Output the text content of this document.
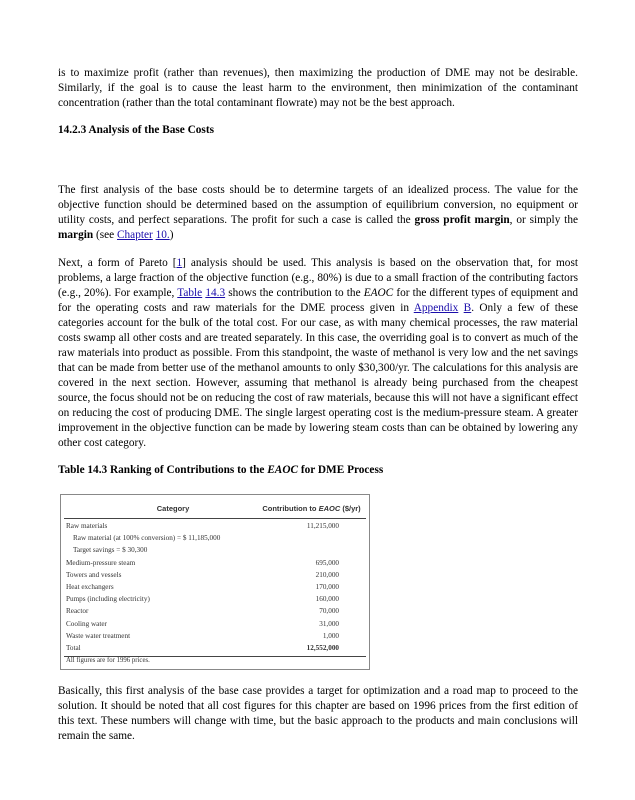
is to maximize profit (rather than revenues), then maximizing the production of DME may not be desirable. Similarly, if the goal is to cause the least harm to the environment, then minimization of the contaminant concentration (rather than the total contaminant flowrate) may not be the best approach.

14.2.3 Analysis of the Base Costs

The first analysis of the base costs should be to determine targets of an idealized process. The value for the objective function should be determined based on the assumption of equilibrium conversion, no equipment or utility costs, and perfect separations. The profit for such a case is called the gross profit margin, or simply the margin (see Chapter 10.)

Next, a form of Pareto [1] analysis should be used. This analysis is based on the observation that, for most problems, a large fraction of the objective function (e.g., 80%) is due to a small fraction of the contributing factors (e.g., 20%). For example, Table 14.3 shows the contribution to the EAOC for the different types of equipment and for the operating costs and raw materials for the DME process given in Appendix B. Only a few of these categories account for the bulk of the total cost. For our case, as with many chemical processes, the raw material costs swamp all other costs and are treated separately. In this case, the overriding goal is to convert as much of the raw materials into product as possible. From this standpoint, the waste of methanol is very low and the net savings that can be made from better use of the methanol amounts to only $30,300/yr. The calculations for this analysis are covered in the next section. However, assuming that methanol is already being purchased from the cheapest source, the focus should not be on reducing the cost of raw materials, because this will not have a significant effect on reducing the cost of producing DME. The single largest operating cost is the medium-pressure steam. A greater improvement in the objective function can be made by lowering steam costs than can be obtained by lowering any other cost category.

Table 14.3 Ranking of Contributions to the EAOC for DME Process
Category	Contribution to EAOC ($/yr)
Raw materials	11,215,000
Raw material (at 100% conversion) = $ 11,185,000
Target savings = $ 30,300
Medium-pressure steam	695,000
Towers and vessels	210,000
Heat exchangers	170,000
Pumps (including electricity)	160,000
Reactor	70,000
Cooling water	31,000
Waste water treatment	1,000
Total	12,552,000
All figures are for 1996 prices.

Basically, this first analysis of the base case provides a target for optimization and a road map to proceed to the solution. It should be noted that all cost figures for this chapter are based on 1996 prices from the first edition of this text. These numbers will change with time, but the basic approach to the products and main conclusions will remain the same.
